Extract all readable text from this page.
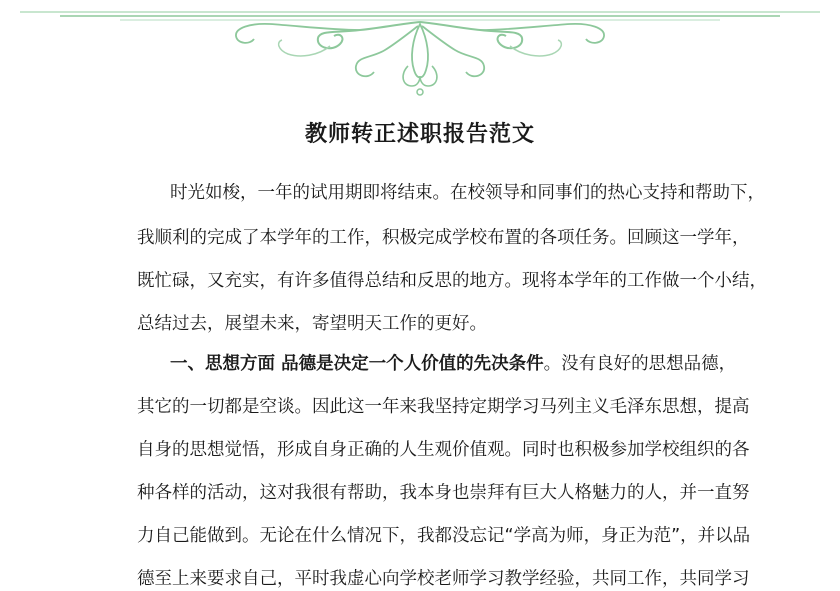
教师转正述职报告范文
时光如梭，一年的试用期即将结束。在校领导和同事们的热心支持和帮助下，
我顺利的完成了本学年的工作，积极完成学校布置的各项任务。回顾这一学年，
既忙碌，又充实，有许多值得总结和反思的地方。现将本学年的工作做一个小结，
总结过去，展望未来，寄望明天工作的更好。
一、思想方面 品德是决定一个人价值的先决条件。没有良好的思想品德，
其它的一切都是空谈。因此这一年来我坚持定期学习马列主义毛泽东思想，提高
自身的思想觉悟，形成自身正确的人生观价值观。同时也积极参加学校组织的各
种各样的活动，这对我很有帮助，我本身也崇拜有巨大人格魅力的人，并一直努
力自己能做到。无论在什么情况下，我都没忘记“学高为师，身正为范”，并以品
德至上来要求自己，平时我虚心向学校老师学习教学经验，共同工作，共同学习
